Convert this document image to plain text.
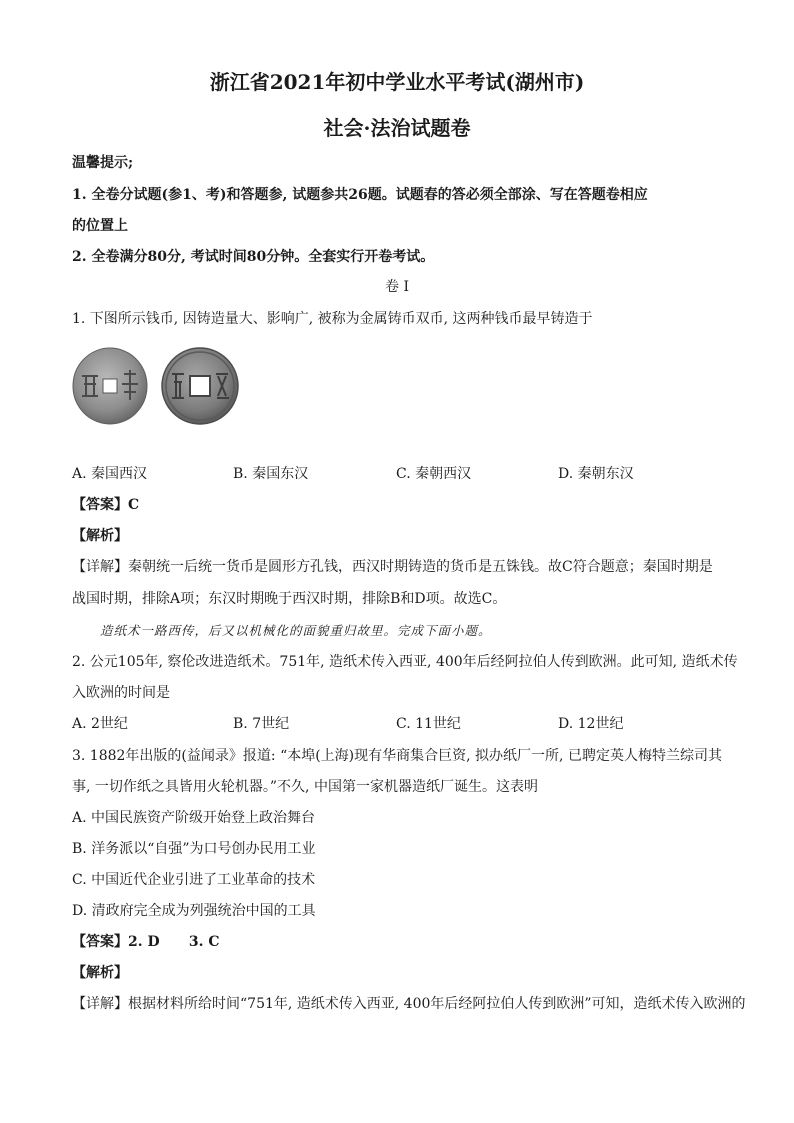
浙江省2021年初中学业水平考试(湖州市)
社会·法治试题卷
温馨提示;
1. 全卷分试题(参1、考)和答题参, 试题参共26题。试题春的答必须全部涂、写在答题卷相应
的位置上
2. 全卷满分80分, 考试时间80分钟。全套实行开卷考试。
卷 I
1. 下图所示钱币, 因铸造量大、影响广, 被称为金属铸币双币, 这两种钱币最早铸造于
A. 秦国西汉	B. 秦国东汉	C. 秦朝西汉	D. 秦朝东汉
【答案】C
【解析】
【详解】秦朝统一后统一货币是圆形方孔钱，西汉时期铸造的货币是五铢钱。故C符合题意；秦国时期是
战国时期，排除A项；东汉时期晚于西汉时期，排除B和D项。故选C。
造纸术一路西传，后又以机械化的面貌重归故里。完成下面小题。
2. 公元105年, 察伦改进造纸术。751年, 造纸术传入西亚, 400年后经阿拉伯人传到欧洲。此可知, 造纸术传
入欧洲的时间是
A. 2世纪	B. 7世纪	C. 11世纪	D. 12世纪
3. 1882年出版的(益闻录》报道: “本埠(上海)现有华商集合巨资, 拟办纸厂一所, 已聘定英人梅特兰综司其
事, 一切作纸之具皆用火轮机器。”不久, 中国第一家机器造纸厂诞生。这表明
A. 中国民族资产阶级开始登上政治舞台
B. 洋务派以“自强”为口号创办民用工业
C. 中国近代企业引进了工业革命的技术
D. 清政府完全成为列强统治中国的工具
【答案】2. D      3. C
【解析】
【详解】根据材料所给时间“751年, 造纸术传入西亚, 400年后经阿拉伯人传到欧洲”可知，造纸术传入欧洲的
